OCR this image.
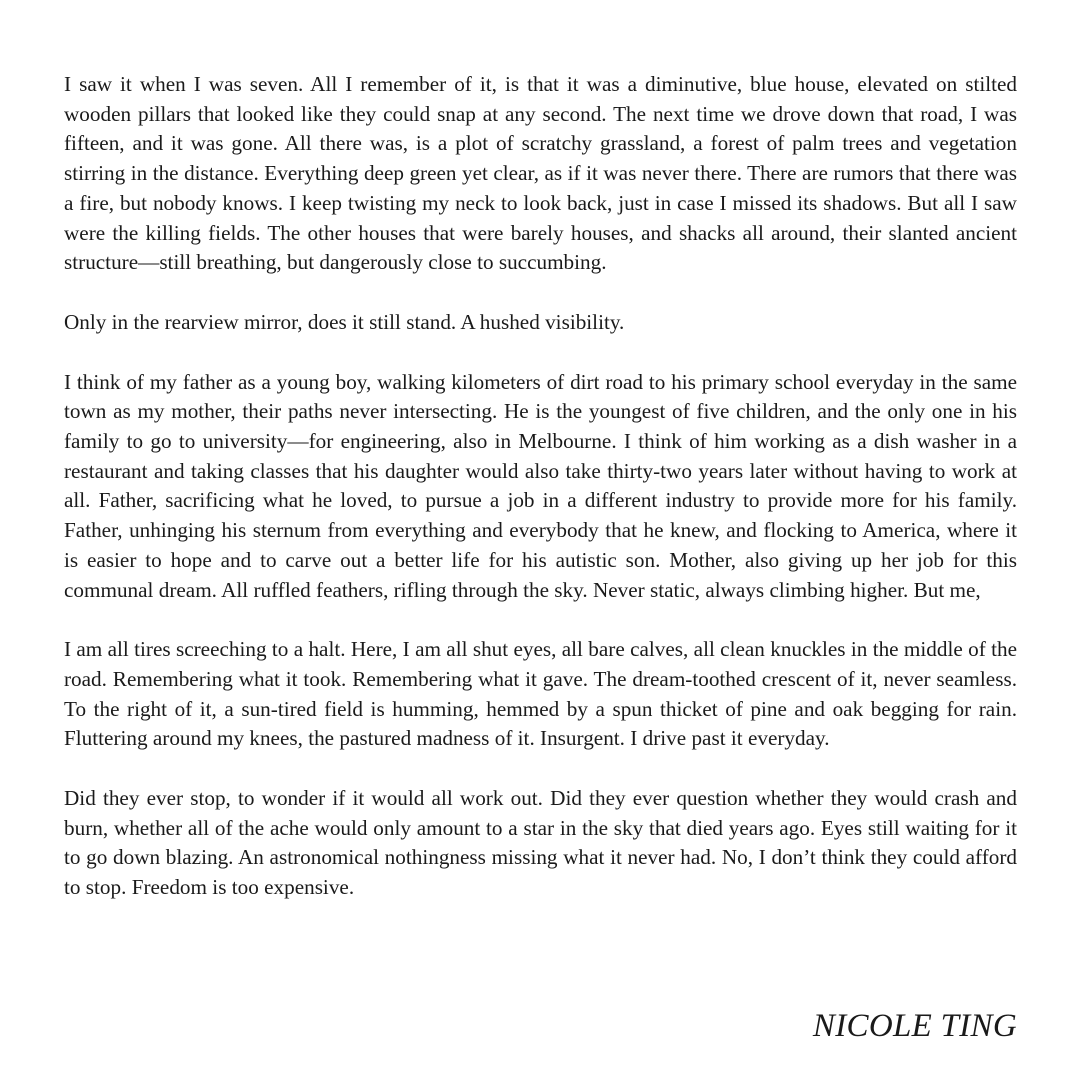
I saw it when I was seven. All I remember of it, is that it was a diminutive, blue house, elevated on stilted wooden pillars that looked like they could snap at any second. The next time we drove down that road, I was fifteen, and it was gone. All there was, is a plot of scratchy grassland, a forest of palm trees and vegetation stirring in the distance. Everything deep green yet clear, as if it was never there. There are rumors that there was a fire, but nobody knows. I keep twisting my neck to look back, just in case I missed its shadows. But all I saw were the killing fields. The other houses that were barely houses, and shacks all around, their slanted ancient structure—still breathing, but dangerously close to succumbing.

Only in the rearview mirror, does it still stand. A hushed visibility.

I think of my father as a young boy, walking kilometers of dirt road to his primary school everyday in the same town as my mother, their paths never intersecting. He is the youngest of five children, and the only one in his family to go to university—for engineering, also in Melbourne. I think of him working as a dish washer in a restaurant and taking classes that his daughter would also take thirty-two years later without having to work at all. Father, sacrificing what he loved, to pursue a job in a different industry to provide more for his family. Father, unhinging his sternum from everything and everybody that he knew, and flocking to America, where it is easier to hope and to carve out a better life for his autistic son. Mother, also giving up her job for this communal dream. All ruffled feathers, rifling through the sky. Never static, always climbing higher. But me,

I am all tires screeching to a halt. Here, I am all shut eyes, all bare calves, all clean knuckles in the middle of the road. Remembering what it took. Remembering what it gave. The dream-toothed crescent of it, never seamless. To the right of it, a sun-tired field is humming, hemmed by a spun thicket of pine and oak begging for rain. Fluttering around my knees, the pastured madness of it. Insurgent. I drive past it everyday.

Did they ever stop, to wonder if it would all work out. Did they ever question whether they would crash and burn, whether all of the ache would only amount to a star in the sky that died years ago. Eyes still waiting for it to go down blazing. An astronomical nothingness missing what it never had. No, I don’t think they could afford to stop. Freedom is too expensive.

NICOLE TING
